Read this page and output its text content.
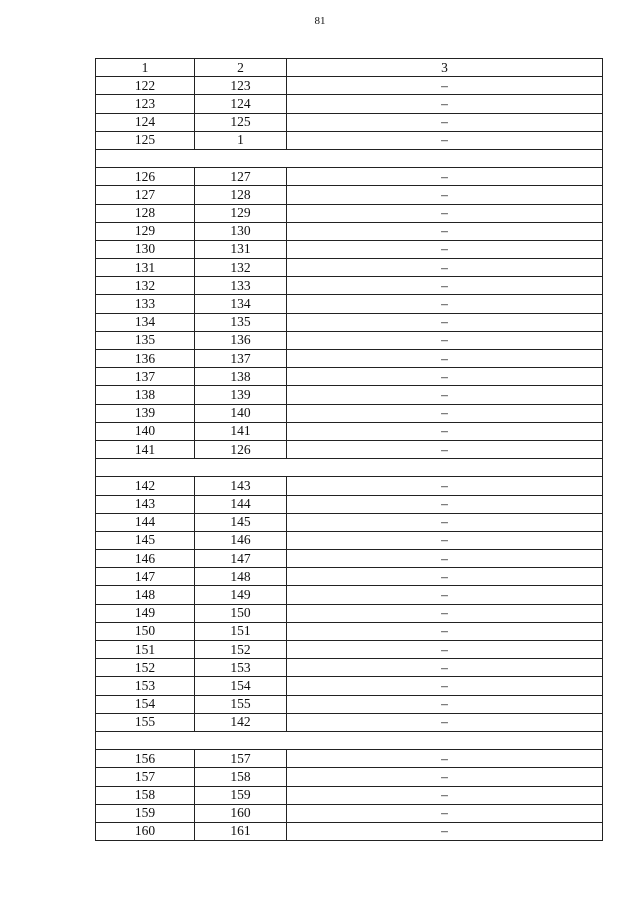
81
1	2	3
122	123	–
123	124	–
124	125	–
125	1	–

126	127	–
127	128	–
128	129	–
129	130	–
130	131	–
131	132	–
132	133	–
133	134	–
134	135	–
135	136	–
136	137	–
137	138	–
138	139	–
139	140	–
140	141	–
141	126	–

142	143	–
143	144	–
144	145	–
145	146	–
146	147	–
147	148	–
148	149	–
149	150	–
150	151	–
151	152	–
152	153	–
153	154	–
154	155	–
155	142	–

156	157	–
157	158	–
158	159	–
159	160	–
160	161	–
